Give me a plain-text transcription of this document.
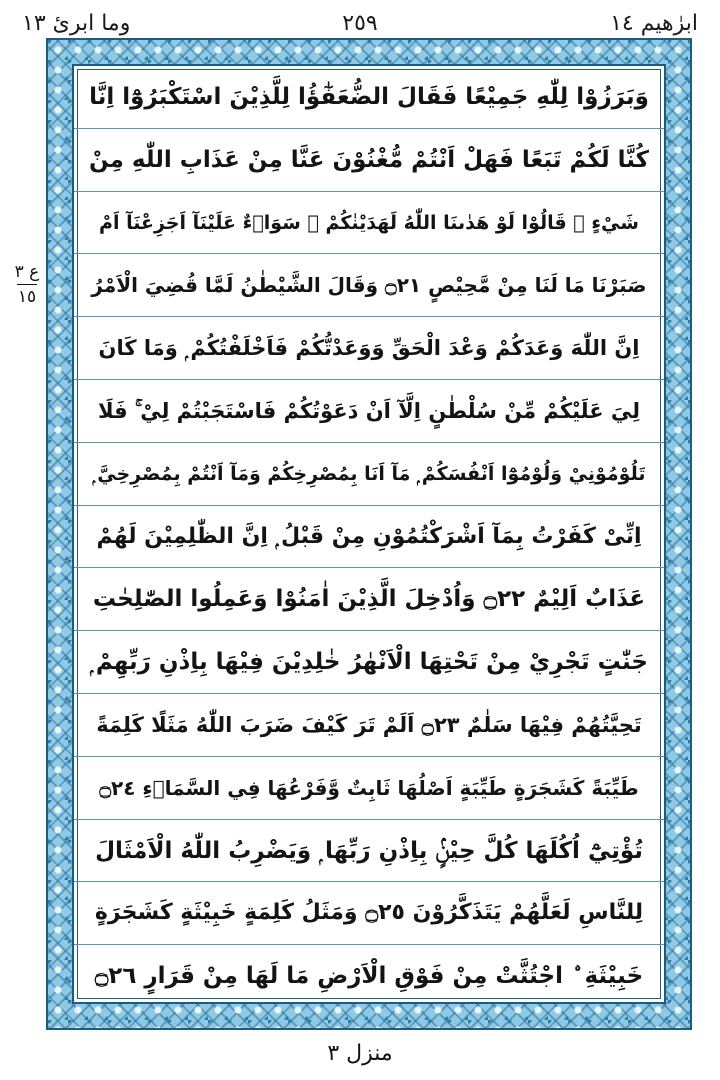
ابرٰھیم ١٤
٢٥٩
وما ابرئ ١٣
ع ٣
١٥
وَبَرَزُوْا لِلّٰهِ جَمِيْعًا فَقَالَ الضُّعَفٰٓؤُا لِلَّذِيْنَ اسْتَكْبَرُوْٓا اِنَّا
كُنَّا لَكُمْ تَبَعًا فَهَلْ اَنْتُمْ مُّغْنُوْنَ عَنَّا مِنْ عَذَابِ اللّٰهِ مِنْ
شَيْءٍ ۭ قَالُوْا لَوْ هَدٰىنَا اللّٰهُ لَهَدَيْنٰكُمْ ۭ سَوَاۗءٌ عَلَيْنَآ اَجَزِعْنَآ اَمْ
صَبَرْنَا مَا لَنَا مِنْ مَّحِيْصٍ ۝٢١ وَقَالَ الشَّيْطٰنُ لَمَّا قُضِيَ الْاَمْرُ
اِنَّ اللّٰهَ وَعَدَكُمْ وَعْدَ الْحَقِّ وَوَعَدْتُّكُمْ فَاَخْلَفْتُكُمْ ۭ وَمَا كَانَ
لِيَ عَلَيْكُمْ مِّنْ سُلْطٰنٍ اِلَّآ اَنْ دَعَوْتُكُمْ فَاسْتَجَبْتُمْ لِيْ ۚ فَلَا
تَلُوْمُوْنِيْ وَلُوْمُوْٓا اَنْفُسَكُمْ ۭ مَآ اَنَا بِمُصْرِخِكُمْ وَمَآ اَنْتُمْ بِمُصْرِخِيَّ ۭ
اِنِّىْ كَفَرْتُ بِمَآ اَشْرَكْتُمُوْنِ مِنْ قَبْلُ ۭ اِنَّ الظّٰلِمِيْنَ لَهُمْ
عَذَابٌ اَلِيْمٌ ۝٢٢ وَاُدْخِلَ الَّذِيْنَ اٰمَنُوْا وَعَمِلُوا الصّٰلِحٰتِ
جَنّٰتٍ تَجْرِيْ مِنْ تَحْتِهَا الْاَنْهٰرُ خٰلِدِيْنَ فِيْهَا بِاِذْنِ رَبِّهِمْ ۭ
تَحِيَّتُهُمْ فِيْهَا سَلٰمٌ ۝٢٣ اَلَمْ تَرَ كَيْفَ ضَرَبَ اللّٰهُ مَثَلًا كَلِمَةً
طَيِّبَةً كَشَجَرَةٍ طَيِّبَةٍ اَصْلُهَا ثَابِتٌ وَّفَرْعُهَا فِي السَّمَاۗءِ ۝٢٤
تُؤْتِيْٓ اُكُلَهَا كُلَّ حِيْنٍۢ بِاِذْنِ رَبِّهَا ۭ وَيَضْرِبُ اللّٰهُ الْاَمْثَالَ
لِلنَّاسِ لَعَلَّهُمْ يَتَذَكَّرُوْنَ ۝٢٥ وَمَثَلُ كَلِمَةٍ خَبِيْثَةٍ كَشَجَرَةٍ
خَبِيْثَةِ ۨ اجْتُثَّتْ مِنْ فَوْقِ الْاَرْضِ مَا لَهَا مِنْ قَرَارٍ ۝٢٦
منزل ٣
